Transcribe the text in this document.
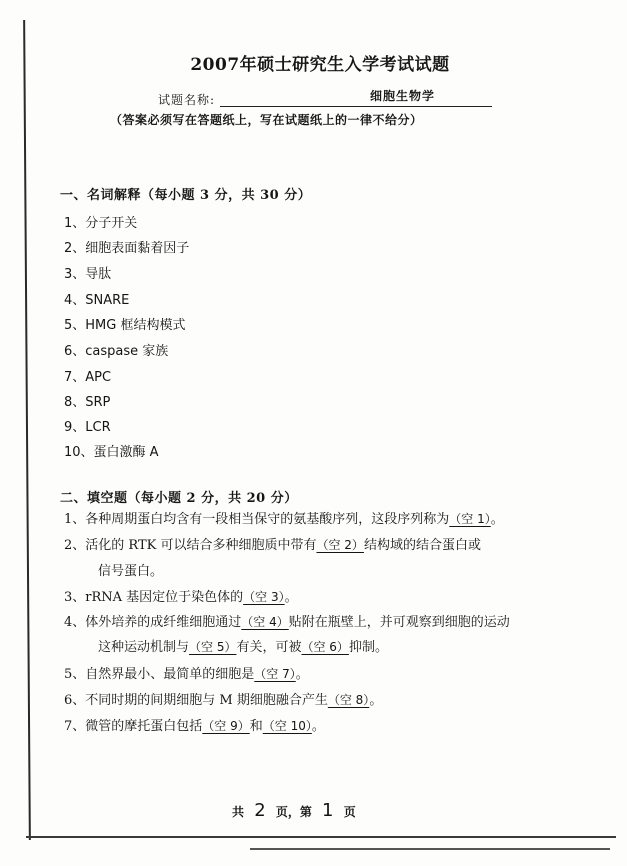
2007年硕士研究生入学考试试题
试题名称:	细胞生物学
（答案必须写在答题纸上，写在试题纸上的一律不给分）
一、名词解释（每小题 3 分，共 30 分）
1、分子开关
2、细胞表面黏着因子
3、导肽
4、SNARE
5、HMG 框结构模式
6、caspase 家族
7、APC
8、SRP
9、LCR
10、蛋白激酶 A
二、填空题（每小题 2 分，共 20 分）
1、各种周期蛋白均含有一段相当保守的氨基酸序列，这段序列称为（空 1）。
2、活化的 RTK 可以结合多种细胞质中带有（空 2）结构域的结合蛋白或
信号蛋白。
3、rRNA 基因定位于染色体的（空 3）。
4、体外培养的成纤维细胞通过（空 4）贴附在瓶壁上，并可观察到细胞的运动
这种运动机制与（空 5）有关，可被（空 6）抑制。
5、自然界最小、最简单的细胞是（空 7）。
6、不同时期的间期细胞与 M 期细胞融合产生（空 8）。
7、微管的摩托蛋白包括（空 9）和（空 10）。
共 2 页，第 1 页
